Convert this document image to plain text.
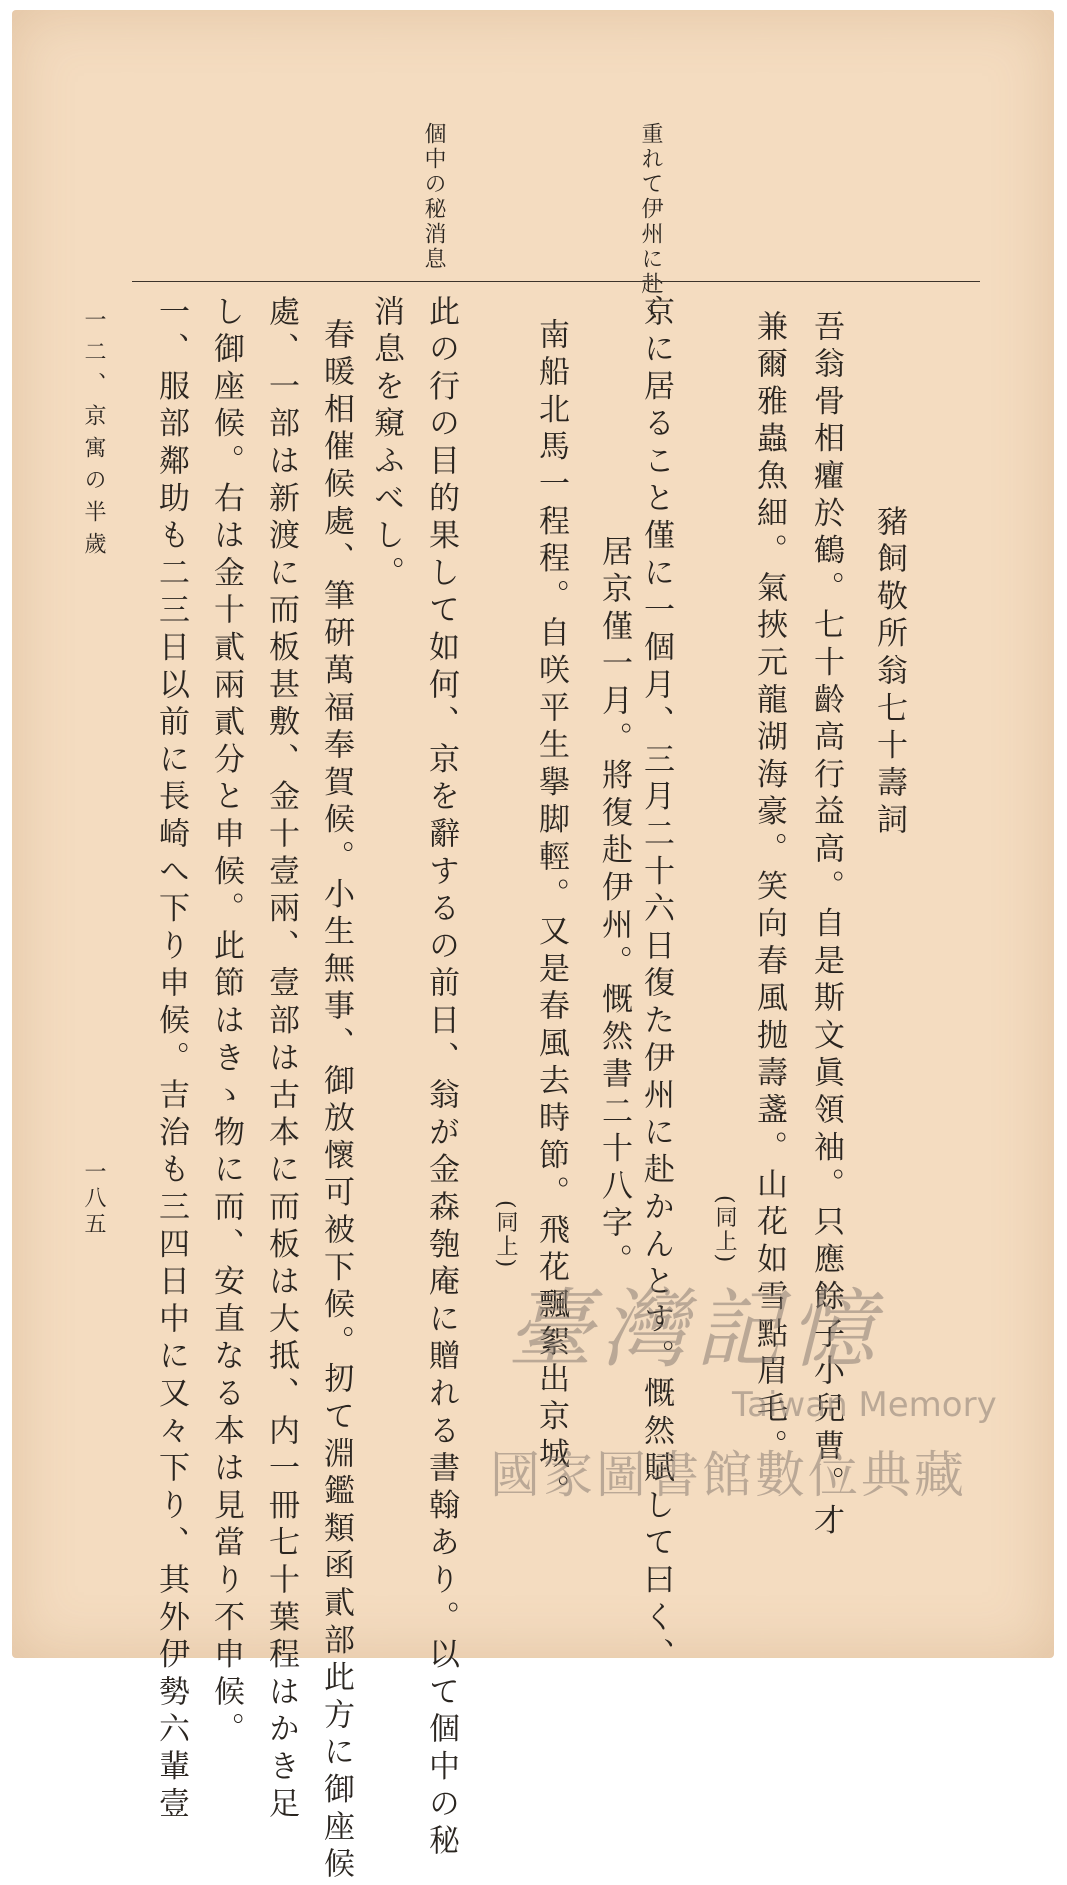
重れて伊州に赴く
個中の秘消息
豬飼敬所翁七十壽詞
吾翁骨相癯於鶴。七十齡高行益高。自是斯文眞領袖。只應餘子小兒曹。才
兼爾雅蟲魚細。氣挾元龍湖海豪。笑向春風抛壽盞。山花如雪點眉毛。
(同上)
京に居ること僅に一個月、三月二十六日復た伊州に赴かんとす。慨然賦して曰く、
居京僅一月。將復赴伊州。慨然書二十八字。
南船北馬一程程。自咲平生擧脚輕。又是春風去時節。飛花飄絮出京城。
(同上)
此の行の目的果して如何、京を辭するの前日、翁が金森匏庵に贈れる書翰あり。以て個中の秘
消息を窺ふべし。
春暖相催候處、筆硏萬福奉賀候。小生無事、御放懷可被下候。扨て淵鑑類函貳部此方に御座候
處、一部は新渡に而板甚敷、金十壹兩、壹部は古本に而板は大抵、内一冊七十葉程はかき足
し御座候。右は金十貳兩貳分と申候。此節はきゝ物に而、安直なる本は見當り不申候。
一、服部鄰助も二三日以前に長崎へ下り申候。吉治も三四日中に又々下り、其外伊勢六輩壹
一二、京寓の半歲
一八五
臺灣記憶
Taiwan Memory
國家圖書館數位典藏
